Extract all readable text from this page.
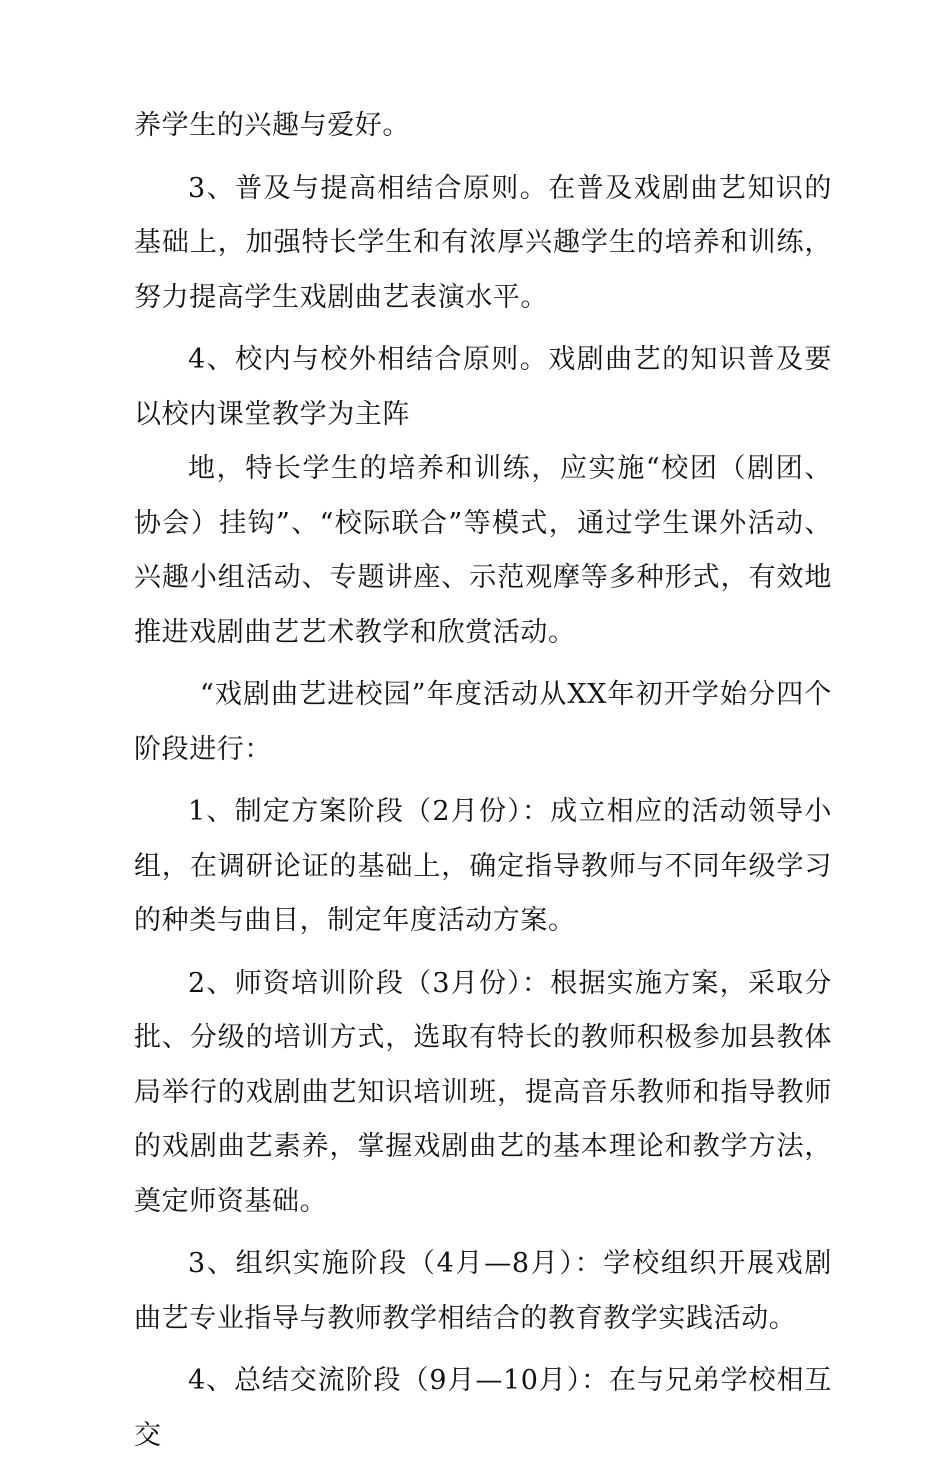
养学生的兴趣与爱好。

3、普及与提高相结合原则。在普及戏剧曲艺知识的基础上，加强特长学生和有浓厚兴趣学生的培养和训练，努力提高学生戏剧曲艺表演水平。

4、校内与校外相结合原则。戏剧曲艺的知识普及要以校内课堂教学为主阵

地，特长学生的培养和训练，应实施“校团（剧团、协会）挂钩”、“校际联合”等模式，通过学生课外活动、兴趣小组活动、专题讲座、示范观摩等多种形式，有效地推进戏剧曲艺艺术教学和欣赏活动。

“戏剧曲艺进校园”年度活动从XX年初开学始分四个阶段进行：

1、制定方案阶段（2月份）：成立相应的活动领导小组，在调研论证的基础上，确定指导教师与不同年级学习的种类与曲目，制定年度活动方案。

2、师资培训阶段（3月份）：根据实施方案，采取分批、分级的培训方式，选取有特长的教师积极参加县教体局举行的戏剧曲艺知识培训班，提高音乐教师和指导教师的戏剧曲艺素养，掌握戏剧曲艺的基本理论和教学方法，奠定师资基础。

3、组织实施阶段（4月—8月）：学校组织开展戏剧曲艺专业指导与教师教学相结合的教育教学实践活动。

4、总结交流阶段（9月—10月）：在与兄弟学校相互交
